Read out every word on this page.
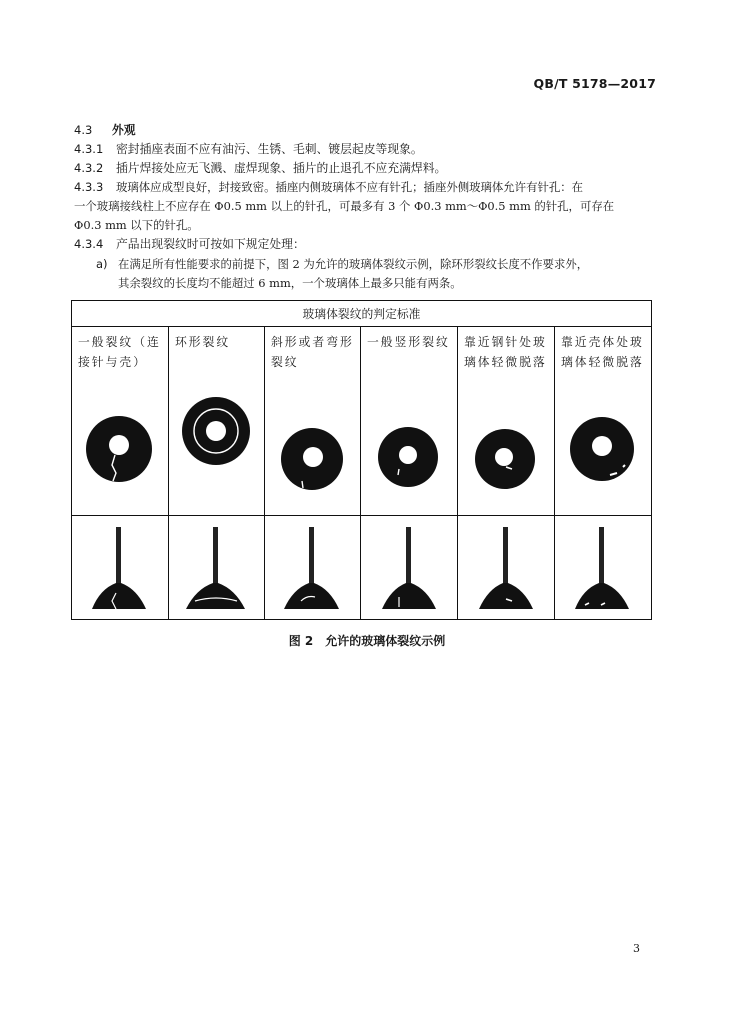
QB/T 5178—2017
4.3 外观
4.3.1 密封插座表面不应有油污、生锈、毛刺、镀层起皮等现象。
4.3.2 插片焊接处应无飞溅、虚焊现象、插片的止退孔不应充满焊料。
4.3.3 玻璃体应成型良好，封接致密。插座内侧玻璃体不应有针孔；插座外侧玻璃体允许有针孔：在
一个玻璃接线柱上不应存在 Φ0.5 mm 以上的针孔，可最多有 3 个 Φ0.3 mm～Φ0.5 mm 的针孔，可存在
Φ0.3 mm 以下的针孔。
4.3.4 产品出现裂纹时可按如下规定处理：
a) 在满足所有性能要求的前提下，图 2 为允许的玻璃体裂纹示例，除环形裂纹长度不作要求外，
其余裂纹的长度均不能超过 6 mm，一个玻璃体上最多只能有两条。
玻璃体裂纹的判定标准
一般裂纹（连接针与壳）
环形裂纹	斜形或者弯形裂纹
一般竖形裂纹 靠近钢针处玻璃体轻微脱落
靠近壳体处玻璃体轻微脱落
图 2　允许的玻璃体裂纹示例
3
